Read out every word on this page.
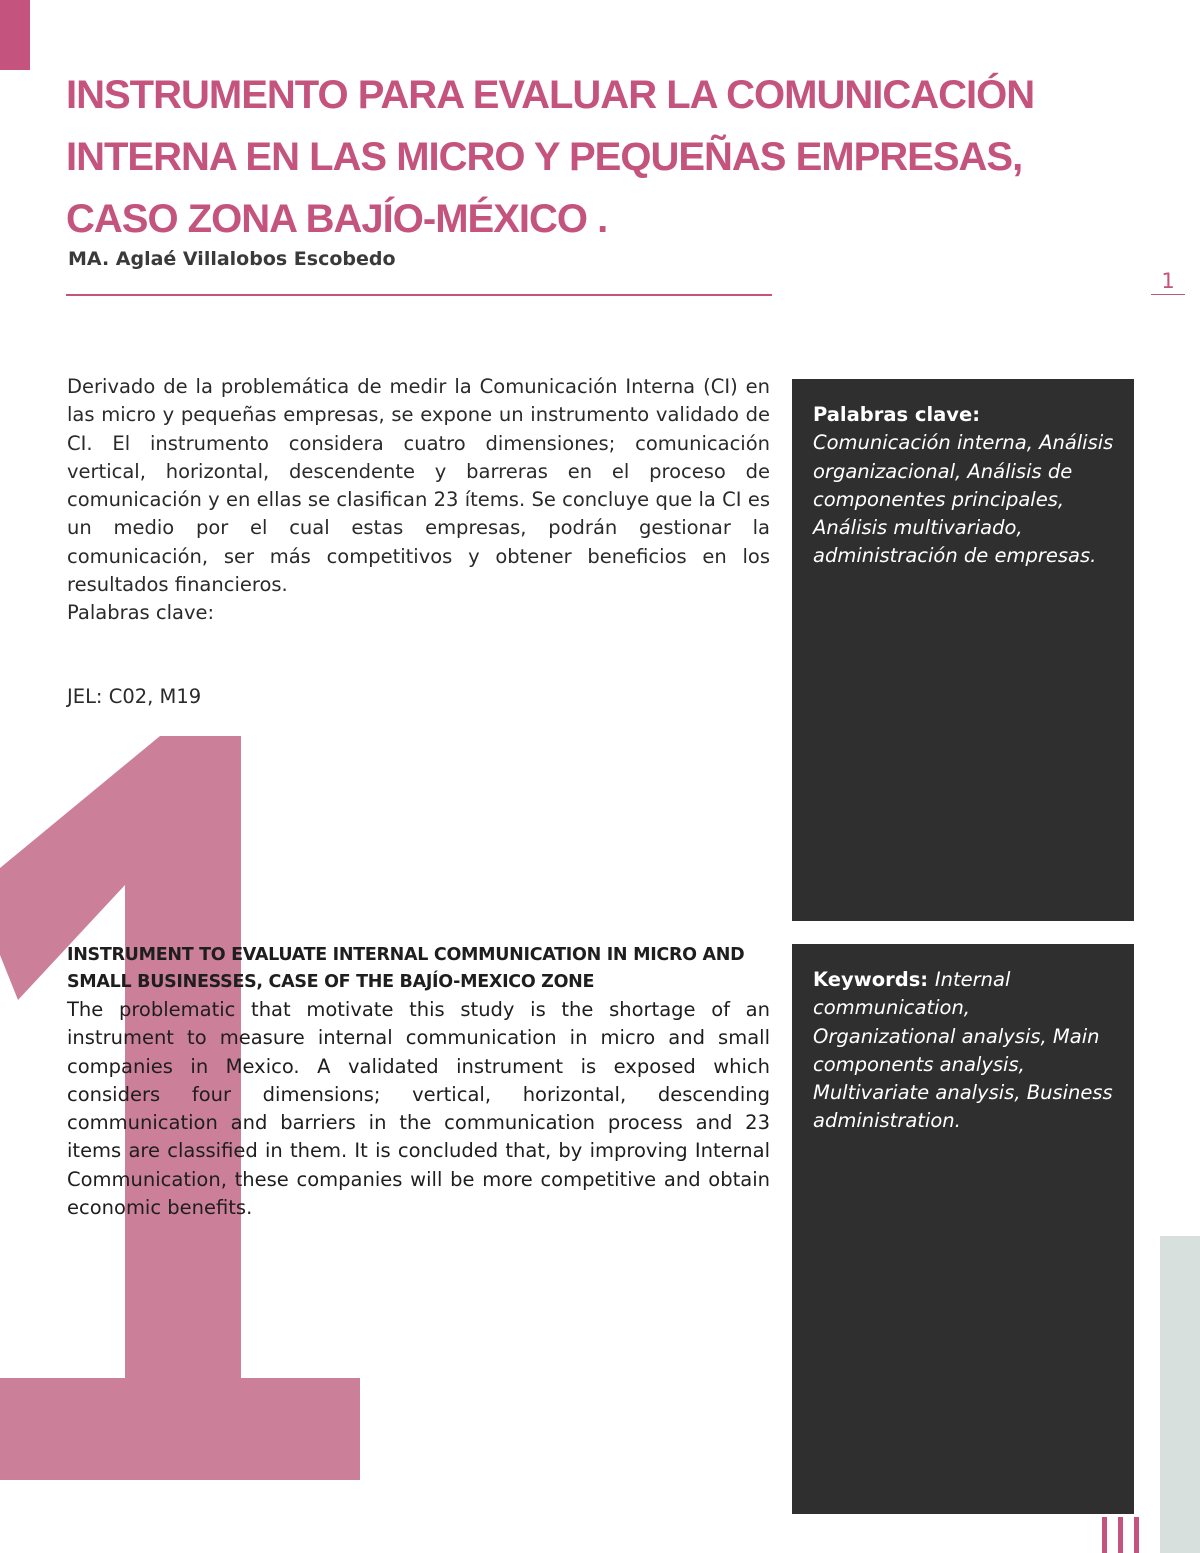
1
INSTRUMENTO PARA EVALUAR LA COMUNICACIÓN INTERNA EN LAS MICRO Y PEQUEÑAS EMPRESAS, CASO ZONA BAJÍO-MÉXICO .
MA. Aglaé Villalobos Escobedo
1

Derivado de la problemática de medir la Comunicación Interna (CI) en las micro y pequeñas empresas, se expone un instrumento validado de CI. El instrumento considera cuatro dimensiones; comunicación vertical, horizontal, descendente y barreras en el proceso de comunicación y en ellas se clasifican 23 ítems. Se concluye que la CI es un medio por el cual estas empresas, podrán gestionar la comunicación, ser más competitivos y obtener beneficios en los resultados financieros.

Palabras clave:

JEL: C02, M19
Palabras clave:
Comunicación interna, Análisis organizacional, Análisis de componentes principales, Análisis multivariado, administración de empresas.
INSTRUMENT TO EVALUATE INTERNAL COMMUNICATION IN MICRO AND SMALL BUSINESSES, CASE OF THE BAJÍO-MEXICO ZONE

The problematic that motivate this study is the shortage of an instrument to measure internal communication in micro and small companies in Mexico. A validated instrument is exposed which considers four dimensions; vertical, horizontal, descending communication and barriers in the communication process and 23 items are classified in them. It is concluded that, by improving Internal Communication, these companies will be more competitive and obtain economic benefits.

Keywords: Internal communication, Organizational analysis, Main components analysis, Multivariate analysis, Business administration.
